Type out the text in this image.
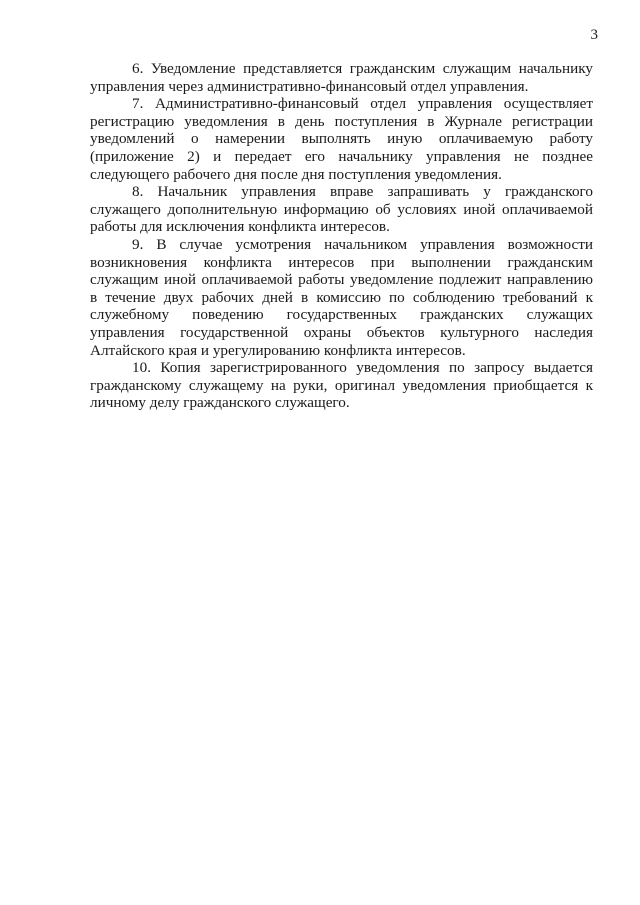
3

6. Уведомление представляется гражданским служащим начальнику управления через административно-финансовый отдел управления.

7. Административно-финансовый отдел управления осуществляет регистрацию уведомления в день поступления в Журнале регистрации уведомлений о намерении выполнять иную оплачиваемую работу (приложение 2) и передает его начальнику управления не позднее следующего рабочего дня после дня поступления уведомления.

8. Начальник управления вправе запрашивать у гражданского служащего дополнительную информацию об условиях иной оплачиваемой работы для исключения конфликта интересов.

9. В случае усмотрения начальником управления возможности возникновения конфликта интересов при выполнении гражданским служащим иной оплачиваемой работы уведомление подлежит направлению в течение двух рабочих дней в комиссию по соблюдению требований к служебному поведению государственных гражданских служащих управления государственной охраны объектов культурного наследия Алтайского края и урегулированию конфликта интересов.

10. Копия зарегистрированного уведомления по запросу выдается гражданскому служащему на руки, оригинал уведомления приобщается к личному делу гражданского служащего.
